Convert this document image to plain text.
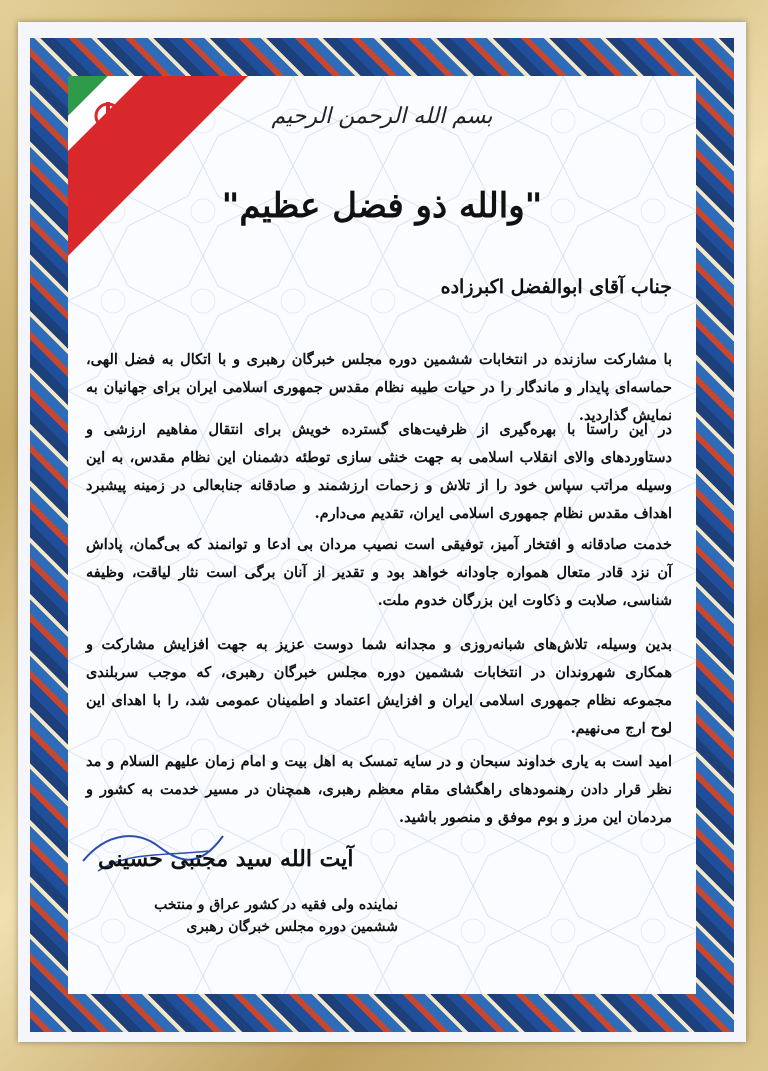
بسم الله الرحمن الرحیم
"والله ذو فضل عظیم"
جناب آقای ابوالفضل اکبرزاده
با مشارکت سازنده در انتخابات ششمین دوره مجلس خبرگان رهبری و با اتکال به فضل الهی، حماسه‌ای پایدار و ماندگار را در حیات طیبه نظام مقدس جمهوری اسلامی ایران برای جهانیان به نمایش گذاردید.
در این راستا با بهره‌گیری از ظرفیت‌های گسترده خویش برای انتقال مفاهیم ارزشی و دستاوردهای والای انقلاب اسلامی به جهت خنثی سازی توطئه دشمنان این نظام مقدس، به این وسیله مراتب سپاس خود را از تلاش و زحمات ارزشمند و صادقانه جنابعالی در زمینه پیشبرد اهداف مقدس نظام جمهوری اسلامی ایران، تقدیم می‌دارم.
خدمت صادقانه و افتخار آمیز، توفیقی است نصیب مردان بی ادعا و توانمند که بی‌گمان، پاداش آن نزد قادر متعال همواره جاودانه خواهد بود و تقدیر از آنان برگی است نثار لیاقت، وظیفه شناسی، صلابت و ذکاوت این بزرگان خدوم ملت.
بدین وسیله، تلاش‌های شبانه‌روزی و مجدانه شما دوست عزیز به جهت افزایش مشارکت و همکاری شهروندان در انتخابات ششمین دوره مجلس خبرگان رهبری، که موجب سربلندی مجموعه نظام جمهوری اسلامی ایران و افزایش اعتماد و اطمینان عمومی شد، را با اهدای این لوح ارج می‌نهیم.
امید است به یاری خداوند سبحان و در سایه تمسک به اهل بیت و امام زمان علیهم السلام و مد نظر قرار دادن رهنمودهای راهگشای مقام معظم رهبری، همچنان در مسیر خدمت به کشور و مردمان این مرز و بوم موفق و منصور باشید.
آیت الله سید مجتبی حسینی
نماینده ولی فقیه در کشور عراق و منتخب
ششمین دوره مجلس خبرگان رهبری
